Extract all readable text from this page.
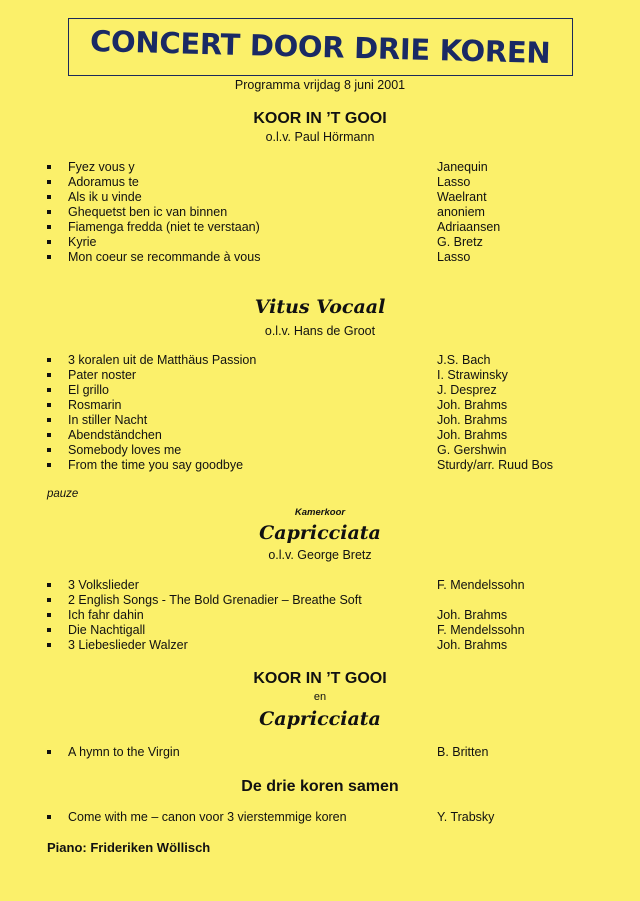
CONCERT DOOR DRIE KOREN
Programma vrijdag 8 juni 2001
KOOR IN ’T GOOI
o.l.v. Paul Hörmann
Fyez vous y	Janequin
Adoramus te	Lasso
Als ik u vinde	Waelrant
Ghequetst ben ic van binnen	anoniem
Fiamenga fredda (niet te verstaan)	Adriaansen
Kyrie	G. Bretz
Mon coeur se recommande à vous	Lasso
Vitus Vocaal
o.l.v. Hans de Groot
3 koralen uit de Matthäus Passion	J.S. Bach
Pater noster	I. Strawinsky
El grillo	J. Desprez
Rosmarin	Joh. Brahms
In stiller Nacht	Joh. Brahms
Abendständchen	Joh. Brahms
Somebody loves me	G. Gershwin
From the time you say goodbye	Sturdy/arr. Ruud Bos
pauze
Kamerkoor
Capricciata
o.l.v. George Bretz
3 Volkslieder	F. Mendelssohn
2 English Songs - The Bold Grenadier – Breathe Soft
Ich fahr dahin	Joh. Brahms
Die Nachtigall	F. Mendelssohn
3 Liebeslieder Walzer	Joh. Brahms
KOOR IN ’T GOOI
en
Capricciata
A hymn to the Virgin	B. Britten
De drie koren samen
Come with me – canon voor 3 vierstemmige koren	Y. Trabsky
Piano: Frideriken Wöllisch
